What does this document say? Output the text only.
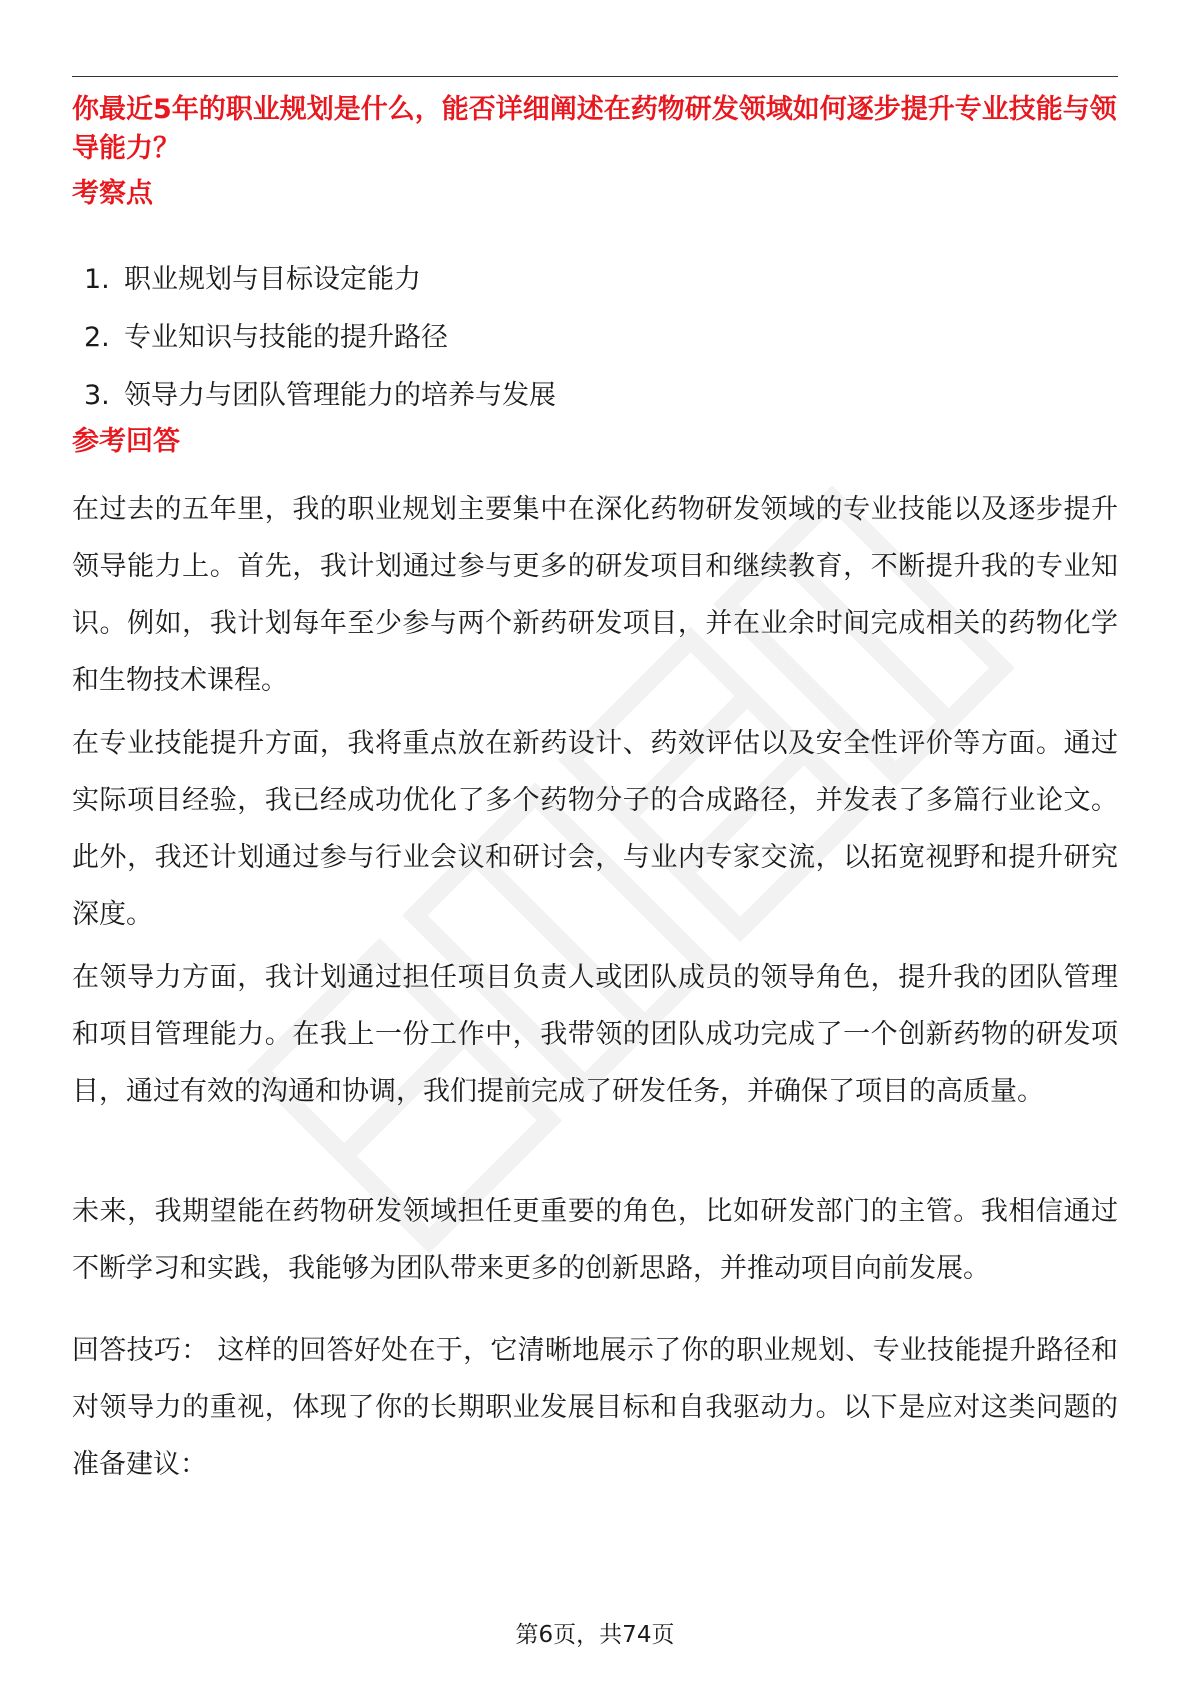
你最近5年的职业规划是什么，能否详细阐述在药物研发领域如何逐步提升专业技能与领导能力？

考察点
1. 职业规划与目标设定能力
2. 专业知识与技能的提升路径
3. 领导力与团队管理能力的培养与发展
参考回答

在过去的五年里，我的职业规划主要集中在深化药物研发领域的专业技能以及逐步提升领导能力上。首先，我计划通过参与更多的研发项目和继续教育，不断提升我的专业知识。例如，我计划每年至少参与两个新药研发项目，并在业余时间完成相关的药物化学和生物技术课程。

在专业技能提升方面，我将重点放在新药设计、药效评估以及安全性评价等方面。通过实际项目经验，我已经成功优化了多个药物分子的合成路径，并发表了多篇行业论文。此外，我还计划通过参与行业会议和研讨会，与业内专家交流，以拓宽视野和提升研究深度。

在领导力方面，我计划通过担任项目负责人或团队成员的领导角色，提升我的团队管理和项目管理能力。在我上一份工作中，我带领的团队成功完成了一个创新药物的研发项目，通过有效的沟通和协调，我们提前完成了研发任务，并确保了项目的高质量。

未来，我期望能在药物研发领域担任更重要的角色，比如研发部门的主管。我相信通过不断学习和实践，我能够为团队带来更多的创新思路，并推动项目向前发展。

回答技巧： 这样的回答好处在于，它清晰地展示了你的职业规划、专业技能提升路径和对领导力的重视，体现了你的长期职业发展目标和自我驱动力。以下是应对这类问题的准备建议：

第6页，共74页
